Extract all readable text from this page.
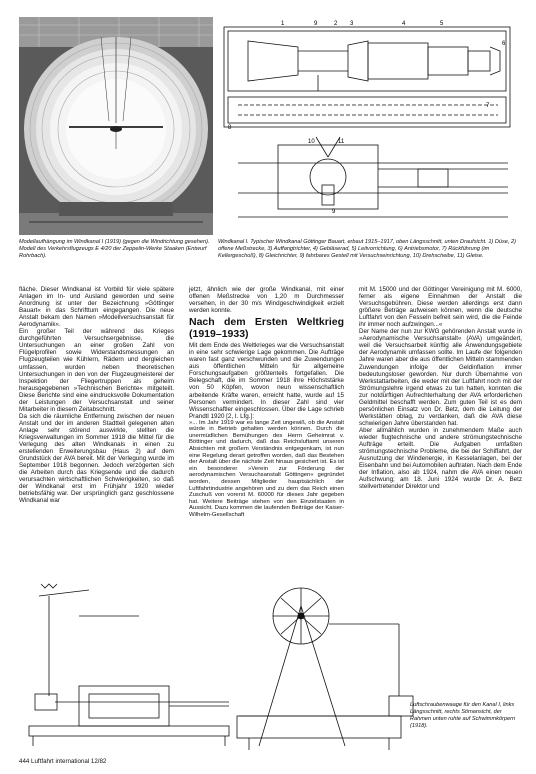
Modellaufhängung im Windkanal I (1919) (gegen die Windrichtung gesehen). Modell des Verkehrsflugzeugs E 4/20 der Zeppelin-Werke Staaken (Entwurf Rohrbach).
1	9	2 3	4	5
6
7
10	11
8
9
Windkanal I. Typischer Windkanal Göttinger Bauart, erbaut 1915–1917, oben Längsschnitt, unten Draufsicht. 1) Düse, 2) offene Meßstrecke, 3) Auffangtrichter, 4) Gebläserad, 5) Leitvorrichtung, 6) Antriebsmotor, 7) Rückführung (im Kellergeschoß), 8) Gleichrichter, 9) fahrbares Gestell mit Versuchseinrichtung, 10) Drehscheibe, 11) Gleise.

fläche. Dieser Windkanal ist Vorbild für viele spätere Anlagen im In- und Ausland geworden und seine Anordnung ist unter der Bezeichnung »Göttinger Bauart« in das Schrifttum eingegangen. Die neue Anstalt bekam den Namen »Modellversuchsanstalt für Aerodynamik«.

Ein großer Teil der während des Krieges durchgeführten Versuchsergebnisse, die Untersuchungen an einer großen Zahl von Flügelprofilen sowie Widerstandsmessungen an Flugzeugteilen wie Kühlern, Rädern und dergleichen umfassen, wurden neben theoretischen Untersuchungen in den von der Flugzeugmeisterei der Inspektion der Fliegertruppen als geheim herausgegebenen »Technischen Berichte« mitgeteilt. Diese Berichte sind eine eindrucksvolle Dokumentation der Leistungen der Versuchsanstalt und seiner Mitarbeiter in diesem Zeitabschnitt.

Da sich die räumliche Entfernung zwischen der neuen Anstalt und der im anderen Stadtteil gelegenen alten Anlage sehr störend auswirkte, stellten die Kriegsverwaltungen im Sommer 1918 die Mittel für die Verlegung des alten Windkanals in einen zu erstellenden Erweiterungsbau (Haus 2) auf dem Grundstück der AVA bereit. Mit der Verlegung wurde im September 1918 begonnen. Jedoch verzögerten sich die Arbeiten durch das Kriegsende und die dadurch verursachten wirtschaftlichen Schwierigkeiten, so daß der Windkanal erst im Frühjahr 1920 wieder betriebsfähig war. Der ursprünglich ganz geschlossene Windkanal war

jetzt, ähnlich wie der große Windkanal, mit einer offenen Meßstrecke von 1,20 m Durchmesser versehen, in der 30 m/s Windgeschwindigkeit erzielt werden konnte.

Nach dem Ersten Weltkrieg (1919–1933)

Mit dem Ende des Weltkrieges war die Versuchsanstalt in eine sehr schwierige Lage gekommen. Die Aufträge waren fast ganz verschwunden und die Zuwendungen aus öffentlichen Mitteln für allgemeine Forschungsaufgaben größtenteils fortgefallen. Die Belegschaft, die im Sommer 1918 ihre Höchststärke von 50 Köpfen, wovon neun wissenschaftlich arbeitende Kräfte waren, erreicht hatte, wurde auf 15 Personen vermindert. In dieser Zahl sind vier Wissenschaftler eingeschlossen. Über die Lage schrieb Prandtl 1920 [2, I. Lfg.]:

»... Im Jahr 1919 war es lange Zeit ungewiß, ob die Anstalt würde in Betrieb gehalten werden können. Durch die unermüdlichen Bemühungen des Herrn Geheimrat v. Böttinger und dadurch, daß das Reichsluftamt unseren Absichten mit großem Verständnis entgegenkam, ist nun eine Regelung derart getroffen worden, daß das Bestehen der Anstalt über die nächste Zeit hinaus gesichert ist. Es ist ein besonderer »Verein zur Förderung der aerodynamischen Versuchsanstalt Göttingen« gegründet worden, dessen Mitglieder hauptsächlich der Luftfahrtindustrie angehören und zu dem das Reich einen Zuschuß von vorerst M. 60000 für dieses Jahr gegeben hat. Weitere Beiträge stehen von den Einzelstaaten in Aussicht. Dazu kommen die laufenden Beiträge der Kaiser-Wilhelm-Gesellschaft

mit M. 15000 und der Göttinger Vereinigung mit M. 6000, ferner als eigene Einnahmen der Anstalt die Versuchsgebühren. Diese werden allerdings erst dann größere Beträge aufweisen können, wenn die deutsche Luftfahrt von den Fesseln befreit sein wird, die die Feinde ihr immer noch aufzwingen...«

Der Name der nun zur KWG gehörenden Anstalt wurde in »Aerodynamische Versuchsanstalt« (AVA) umgeändert, weil die Versuchsarbeit künftig alle Anwendungsgebiete der Aerodynamik umfassen sollte. Im Laufe der folgenden Jahre waren aber die aus öffentlichen Mitteln stammenden Zuwendungen infolge der Geldinflation immer bedeutungsloser geworden. Nur durch Übernahme von Werkstattarbeiten, die weder mit der Luftfahrt noch mit der Strömungslehre irgend etwas zu tun hatten, konnten die zur notdürftigen Aufrechterhaltung der AVA erforderlichen Geldmittel beschafft werden. Zum guten Teil ist es dem persönlichen Einsatz von Dr. Betz, dem die Leitung der Werkstätten oblag, zu verdanken, daß die AVA diese schwierigen Jahre überstanden hat.

Aber allmählich wurden in zunehmendem Maße auch wieder flugtechnische und andere strömungstechnische Aufträge erteilt. Die Aufgaben umfaßten strömungstechnische Probleme, die bei der Schiffahrt, der Ausnutzung der Windenergie, in Kesselanlagen, bei der Eisenbahn und bei Automobilen auftraten. Nach dem Ende der Inflation, also ab 1924, nahm die AVA einen neuen Aufschwung; am 18. Juni 1924 wurde Dr. A. Betz stellvertretender Direktor und

Luftschraubenwaage für den Kanal I, links Längsschnitt, rechts Stirnansicht, der Rahmen unten ruhte auf Schwimmkörpern (1918).
444 Luftfahrt international 12/82
